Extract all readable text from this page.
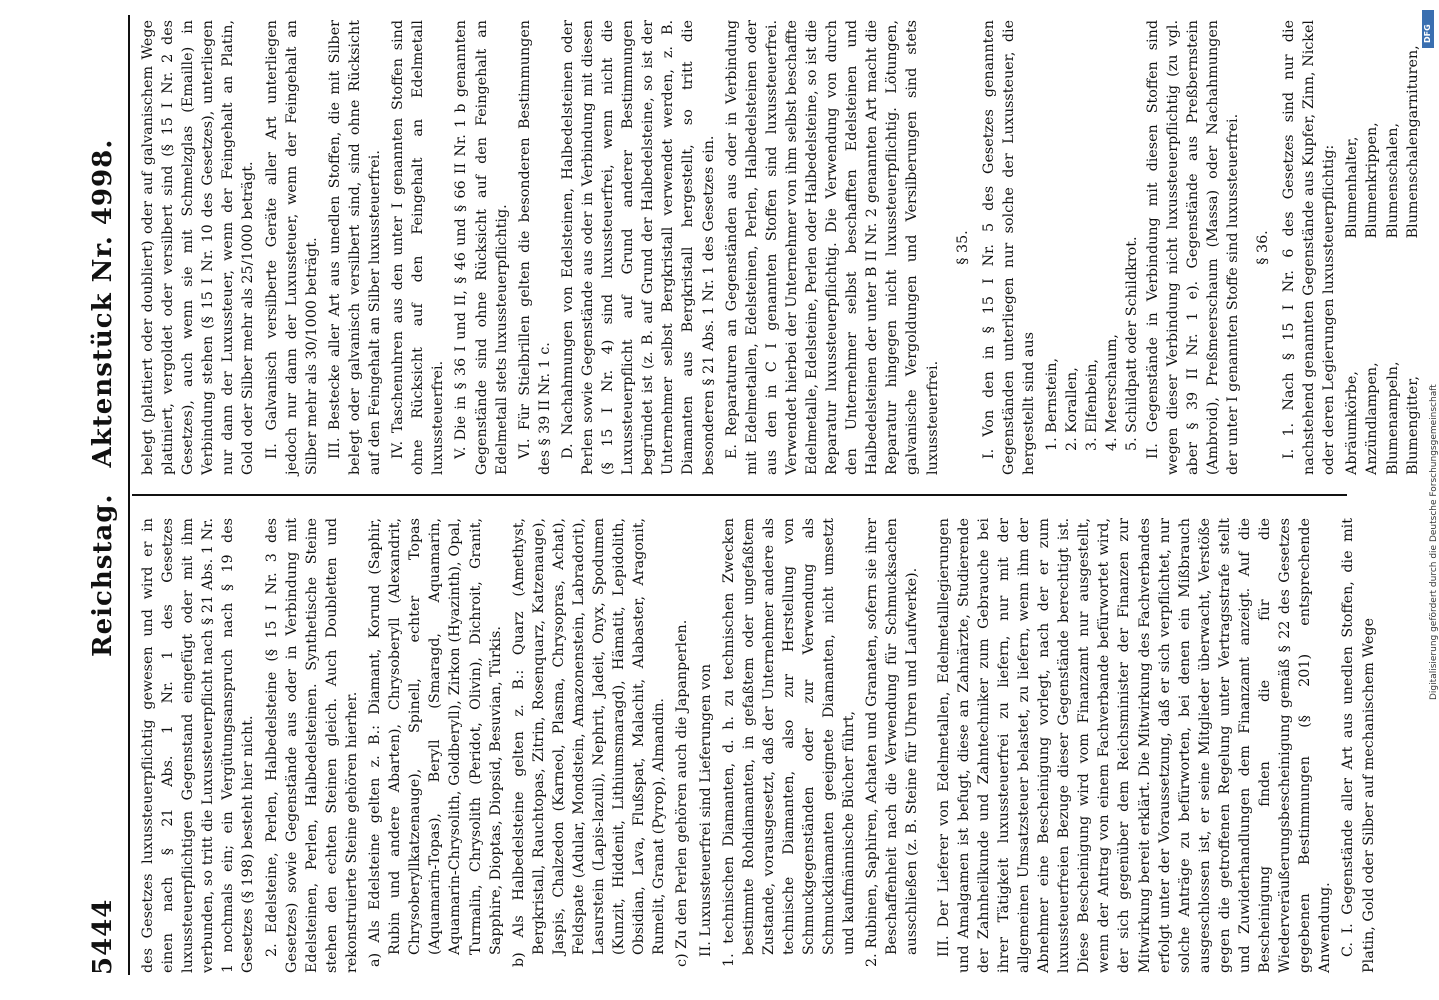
5444
Reichstag. Aktenstück Nr. 4998.

des Gesetzes luxussteuerpflichtig gewesen und wird er in einen nach § 21 Abs. 1 Nr. 1 des Gesetzes luxussteuerpflichtigen Gegenstand eingefügt oder mit ihm verbunden, so tritt die Luxussteuerpflicht nach § 21 Abs. 1 Nr. 1 nochmals ein; ein Vergütungsanspruch nach § 19 des Gesetzes (§ 198) besteht hier nicht. 2. Edelsteine, Perlen, Halbedelsteine (§ 15 I Nr. 3 des Gesetzes) sowie Gegenstände aus oder in Verbindung mit Edelsteinen, Perlen, Halbedelsteinen. Synthetische Steine stehen den echten Steinen gleich. Auch Doubletten und rekonstruierte Steine gehören hierher. a) Als Edelsteine gelten z. B.: Diamant, Korund (Saphir, Rubin und andere Abarten), Chrysoberyll (Alexandrit, Chrysoberyllkatzenauge), Spinell, echter Topas (Aquamarin-Topas), Beryll (Smaragd, Aquamarin, Aquamarin-Chrysolith, Goldberyll), Zirkon (Hyazinth), Opal, Turmalin, Chrysolith (Peridot, Olivin), Dichroit, Granit, Sapphire, Dioptas, Diopsid, Besuvian, Türkis. b) Als Halbedelsteine gelten z. B.: Quarz (Amethyst, Bergkristall, Rauchtopas, Zitrin, Rosenquarz, Katzenauge), Jaspis, Chalzedon (Karneol, Plasma, Chrysopras, Achat), Feldspate (Adular, Mondstein, Amazonenstein, Labradorit), Lasurstein (Lapis-lazuli), Nephrit, Jadeit, Onyx, Spodumen (Kunzit, Hiddenit, Lithiumsmaragd), Hämatit, Lepidolith, Obsidian, Lava, Flußspat, Malachit, Alabaster, Aragonit, Rumelit, Granat (Pyrop), Almandin. c) Zu den Perlen gehören auch die Japanperlen. II. Luxussteuerfrei sind Lieferungen von 1. technischen Diamanten, d. h. zu technischen Zwecken bestimmte Rohdiamanten, in gefaßtem oder ungefaßtem Zustande, vorausgesetzt, daß der Unternehmer andere als technische Diamanten, also zur Herstellung von Schmuckgegenständen oder zur Verwendung als Schmuckdiamanten geeignete Diamanten, nicht umsetzt und kaufmännische Bücher führt, 2. Rubinen, Saphiren, Achaten und Granaten, sofern sie ihrer Beschaffenheit nach die Verwendung für Schmucksachen ausschließen (z. B. Steine für Uhren und Laufwerke). III. Der Lieferer von Edelmetallen, Edelmetalllegierungen und Amalgamen ist befugt, diese an Zahnärzte, Studierende der Zahnheilkunde und Zahntechniker zum Gebrauche bei ihrer Tätigkeit luxussteuerfrei zu liefern, nur mit der allgemeinen Umsatzsteuer belastet, zu liefern, wenn ihm der Abnehmer eine Bescheinigung vorlegt, nach der er zum luxussteuerfreien Bezuge dieser Gegenstände berechtigt ist. Diese Bescheinigung wird vom Finanzamt nur ausgestellt, wenn der Antrag von einem Fachverbande befürwortet wird, der sich gegenüber dem Reichsminister der Finanzen zur Mitwirkung bereit erklärt. Die Mitwirkung des Fachverbandes erfolgt unter der Voraussetzung, daß er sich verpflichtet, nur solche Anträge zu befürworten, bei denen ein Mißbrauch ausgeschlossen ist, er seine Mitglieder überwacht, Verstöße gegen die getroffenen Regelung unter Vertragsstrafe stellt und Zuwiderhandlungen dem Finanzamt anzeigt. Auf die Bescheinigung finden die für die Wiederveräußerungsbescheinigung gemäß § 22 des Gesetzes gegebenen Bestimmungen (§ 201) entsprechende Anwendung. C. I. Gegenstände aller Art aus unedlen Stoffen, die mit Platin, Gold oder Silber auf mechanischem Wege

belegt (plattiert oder doubliert) oder auf galvanischem Wege platiniert, vergoldet oder versilbert sind (§ 15 I Nr. 2 des Gesetzes), auch wenn sie mit Schmelzglas (Emaille) in Verbindung stehen (§ 15 I Nr. 10 des Gesetzes), unterliegen nur dann der Luxussteuer, wenn der Feingehalt an Platin, Gold oder Silber mehr als 25/1000 beträgt. II. Galvanisch versilberte Geräte aller Art unterliegen jedoch nur dann der Luxussteuer, wenn der Feingehalt an Silber mehr als 30/1000 beträgt. III. Bestecke aller Art aus unedlen Stoffen, die mit Silber belegt oder galvanisch versilbert sind, sind ohne Rücksicht auf den Feingehalt an Silber luxussteuerfrei. IV. Taschenuhren aus den unter I genannten Stoffen sind ohne Rücksicht auf den Feingehalt an Edelmetall luxussteuerfrei. V. Die in § 36 I und II, § 46 und § 66 II Nr. 1 b genannten Gegenstände sind ohne Rücksicht auf den Feingehalt an Edelmetall stets luxussteuerpflichtig. VI. Für Stielbrillen gelten die besonderen Bestimmungen des § 39 II Nr. 1 c. D. Nachahmungen von Edelsteinen, Halbedelsteinen oder Perlen sowie Gegenstände aus oder in Verbindung mit diesen (§ 15 I Nr. 4) sind luxussteuerfrei, wenn nicht die Luxussteuerpflicht auf Grund anderer Bestimmungen begründet ist (z. B. auf Grund der Halbedelsteine, so ist der Unternehmer selbst Bergkristall verwendet werden, z. B. Diamanten aus Bergkristall hergestellt, so tritt die besonderen § 21 Abs. 1 Nr. 1 des Gesetzes ein. E. Reparaturen an Gegenständen aus oder in Verbindung mit Edelmetallen, Edelsteinen, Perlen, Halbedelsteinen oder aus den in C I genannten Stoffen sind luxussteuerfrei. Verwendet hierbei der Unternehmer von ihm selbst beschaffte Edelmetalle, Edelsteine, Perlen oder Halbedelsteine, so ist die Reparatur luxussteuerpflichtig. Die Verwendung von durch den Unternehmer selbst beschafften Edelsteinen und Halbedelsteinen der unter B II Nr. 2 genannten Art macht die Reparatur hingegen nicht luxussteuerpflichtig. Lötungen, galvanische Vergoldungen und Versilberungen sind stets luxussteuerfrei.

§ 35. I. Von den in § 15 I Nr. 5 des Gesetzes genannten Gegenständen unterliegen nur solche der Luxussteuer, die hergestellt sind aus 1. Bernstein, 2. Korallen, 3. Elfenbein, 4. Meerschaum, 5. Schildpatt oder Schildkrot. II. Gegenstände in Verbindung mit diesen Stoffen sind wegen dieser Verbindung nicht luxussteuerpflichtig (zu vgl. aber § 39 II Nr. 1 e). Gegenstände aus Preßbernstein (Ambroid), Preßmeerschaum (Massa) oder Nachahmungen der unter I genannten Stoffe sind luxussteuerfrei. § 36. I. 1. Nach § 15 I Nr. 6 des Gesetzes sind nur die nachstehend genannten Gegenstände aus Kupfer, Zinn, Nickel oder deren Legierungen luxussteuerpflichtig: Abräumkörbe,
Blumenhalter,

Anzündlampen,
Blumenkrippen,

Blumenampeln,
Blumenschalen,

Blumengitter,
Blumenschalengarnituren,

DFG
Digitalisierung gefördert durch die Deutsche Forschungsgemeinschaft
